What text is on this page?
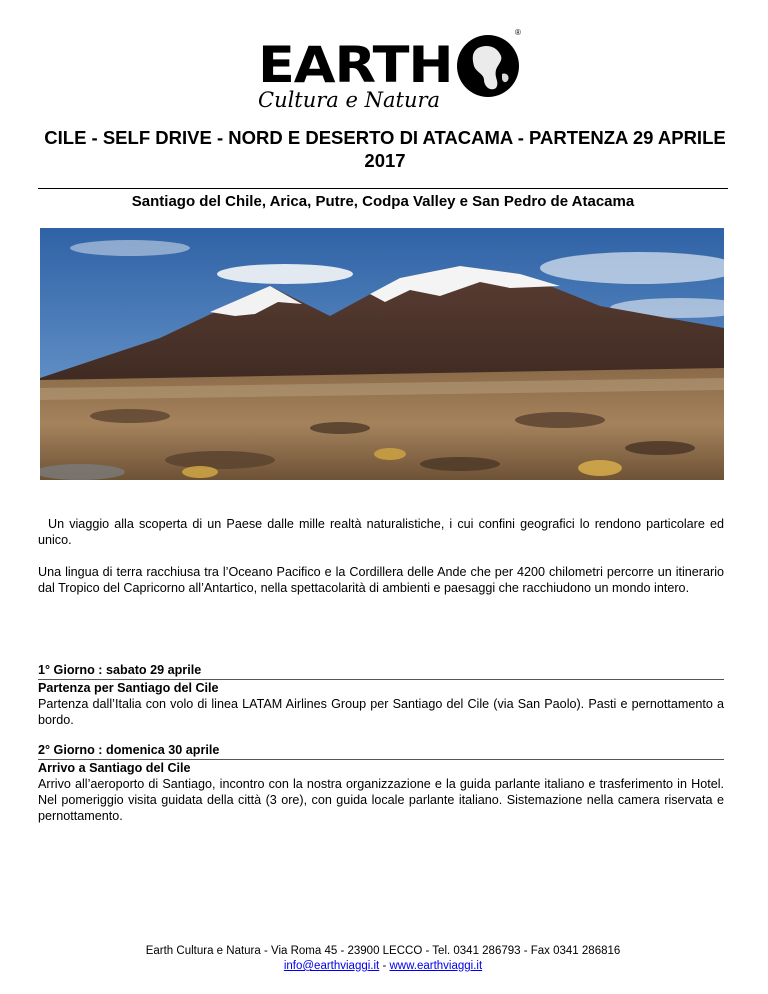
EARTH
®
Cultura e Natura
CILE - SELF DRIVE - NORD E DESERTO DI ATACAMA - PARTENZA 29 APRILE 2017
Santiago del Chile, Arica, Putre, Codpa Valley e San Pedro de Atacama

Un viaggio alla scoperta di un Paese dalle mille realtà naturalistiche, i cui confini geografici lo rendono particolare ed unico.

Una lingua di terra racchiusa tra l’Oceano Pacifico e la Cordillera delle Ande che per 4200 chilometri percorre un itinerario dal Tropico del Capricorno all’Antartico, nella spettacolarità di ambienti e paesaggi che racchiudono un mondo intero.

1° Giorno : sabato 29 aprile
Partenza per Santiago del Cile

Partenza dall’Italia con volo di linea LATAM Airlines Group per Santiago del Cile (via San Paolo). Pasti e pernottamento a bordo.

2° Giorno : domenica 30 aprile
Arrivo a Santiago del Cile

Arrivo all’aeroporto di Santiago, incontro con la nostra organizzazione e la guida parlante italiano e trasferimento in Hotel. Nel pomeriggio visita guidata della città (3 ore), con guida locale parlante italiano. Sistemazione nella camera riservata e pernottamento.

Earth Cultura e Natura - Via Roma 45 - 23900 LECCO - Tel. 0341 286793 - Fax 0341 286816
info@earthviaggi.it - www.earthviaggi.it
